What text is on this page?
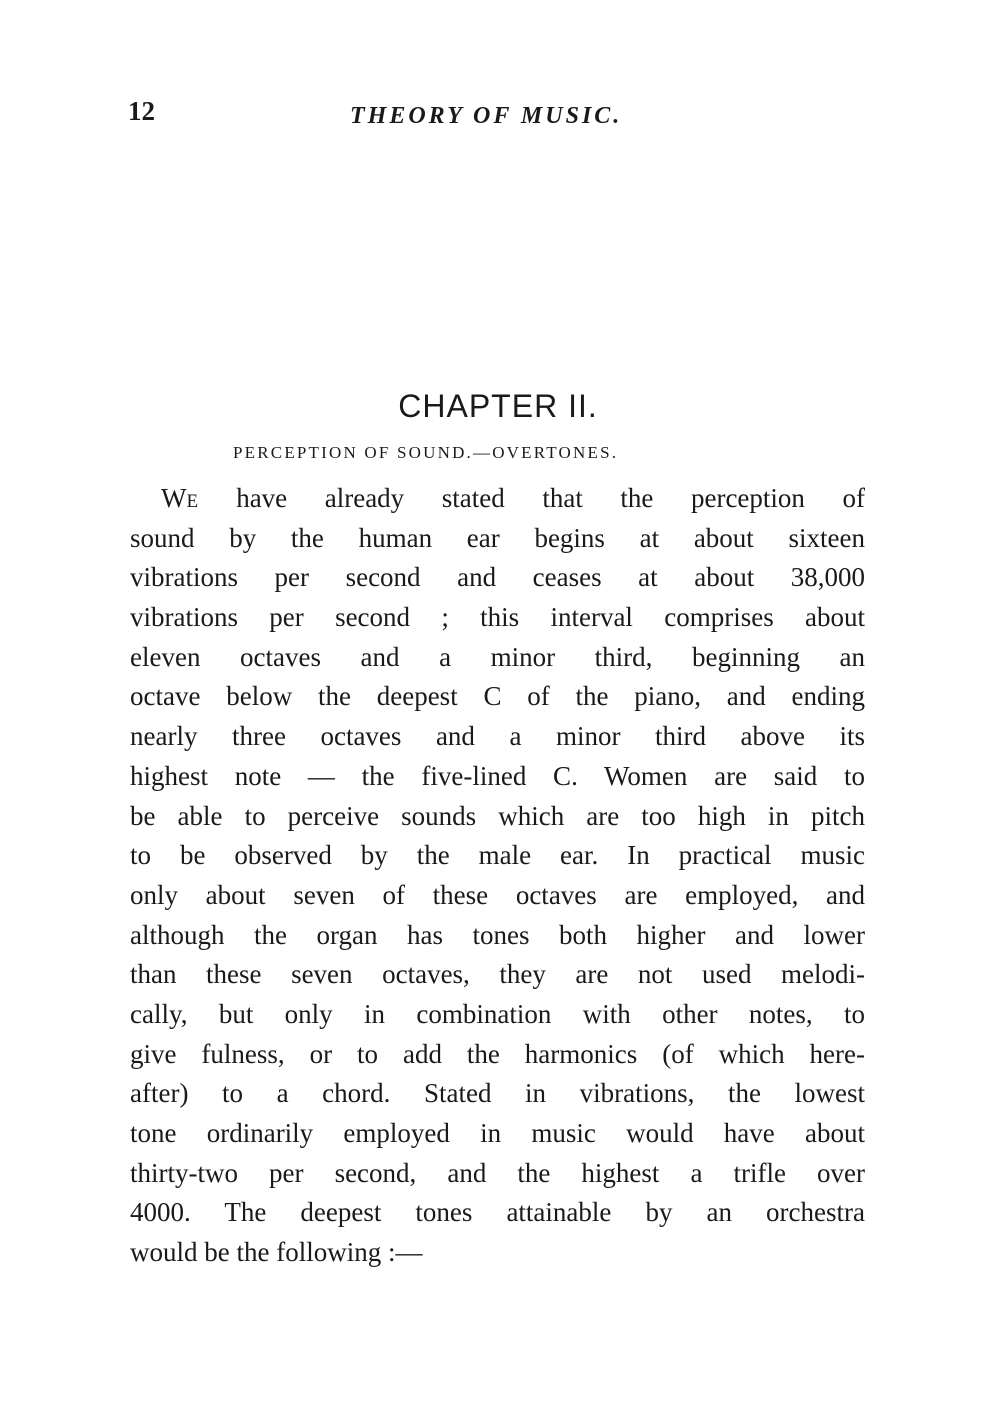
12	THEORY OF MUSIC.
CHAPTER II.
PERCEPTION OF SOUND.—OVERTONES.
WE have already stated that the perception of
sound by the human ear begins at about sixteen
vibrations per second and ceases at about 38,000
vibrations per second ; this interval comprises about
eleven octaves and a minor third, beginning an
octave below the deepest C of the piano, and ending
nearly three octaves and a minor third above its
highest note — the five-lined C. Women are said to
be able to perceive sounds which are too high in pitch
to be observed by the male ear. In practical music
only about seven of these octaves are employed, and
although the organ has tones both higher and lower
than these seven octaves, they are not used melodi-
cally, but only in combination with other notes, to
give fulness, or to add the harmonics (of which here-
after) to a chord. Stated in vibrations, the lowest
tone ordinarily employed in music would have about
thirty-two per second, and the highest a trifle over
4000. The deepest tones attainable by an orchestra
would be the following :—
